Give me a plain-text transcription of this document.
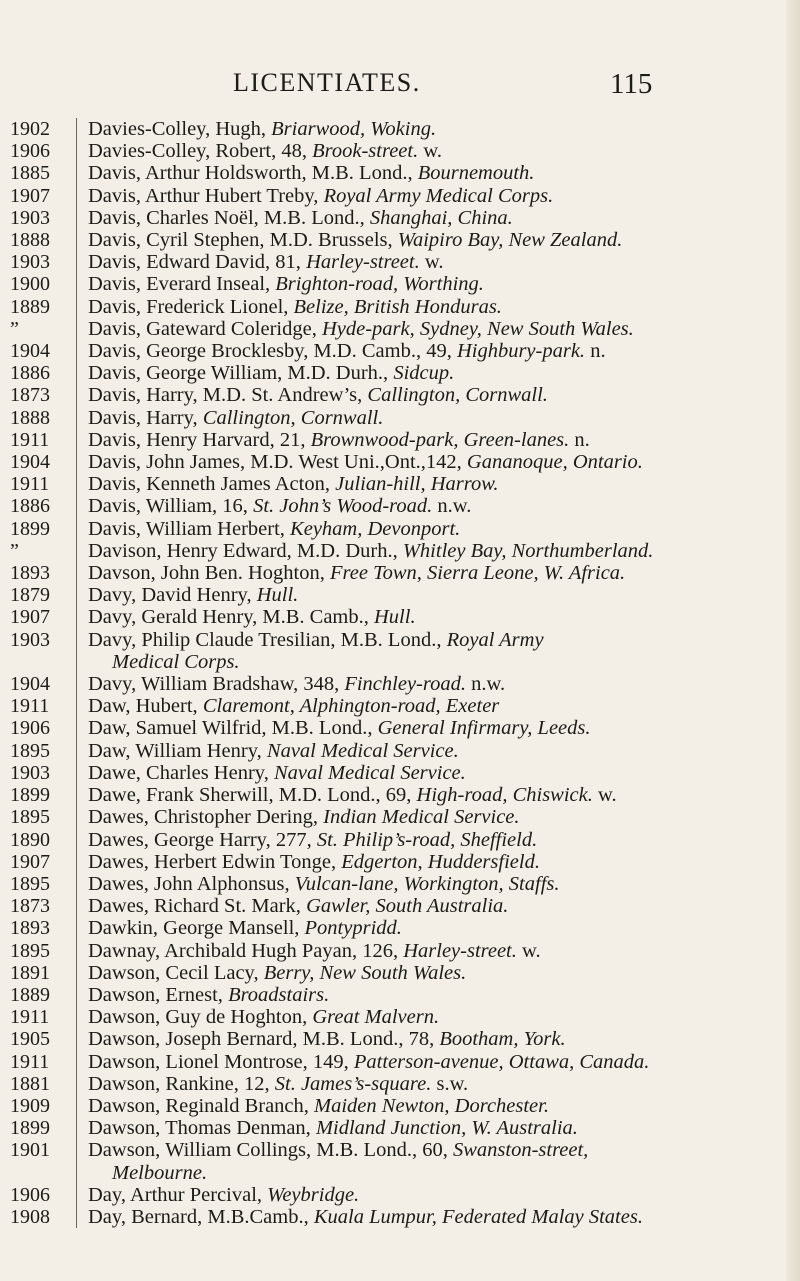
LICENTIATES.	115
1902	Davies-Colley, Hugh, Briarwood, Woking.
1906	Davies-Colley, Robert, 48, Brook-street. w.
1885	Davis, Arthur Holdsworth, M.B. Lond., Bournemouth.
1907	Davis, Arthur Hubert Treby, Royal Army Medical Corps.
1903	Davis, Charles Noël, M.B. Lond., Shanghai, China.
1888	Davis, Cyril Stephen, M.D. Brussels, Waipiro Bay, New Zealand.
1903	Davis, Edward David, 81, Harley-street. w.
1900	Davis, Everard Inseal, Brighton-road, Worthing.
1889	Davis, Frederick Lionel, Belize, British Honduras.
”	Davis, Gateward Coleridge, Hyde-park, Sydney, New South Wales.
1904	Davis, George Brocklesby, M.D. Camb., 49, Highbury-park. n.
1886	Davis, George William, M.D. Durh., Sidcup.
1873	Davis, Harry, M.D. St. Andrew’s, Callington, Cornwall.
1888	Davis, Harry, Callington, Cornwall.
1911	Davis, Henry Harvard, 21, Brownwood-park, Green-lanes. n.
1904	Davis, John James, M.D. West Uni.,Ont.,142, Gananoque, Ontario.
1911	Davis, Kenneth James Acton, Julian-hill, Harrow.
1886	Davis, William, 16, St. John’s Wood-road. n.w.
1899	Davis, William Herbert, Keyham, Devonport.
”	Davison, Henry Edward, M.D. Durh., Whitley Bay, Northumberland.
1893	Davson, John Ben. Hoghton, Free Town, Sierra Leone, W. Africa.
1879	Davy, David Henry, Hull.
1907	Davy, Gerald Henry, M.B. Camb., Hull.
1903	Davy, Philip Claude Tresilian, M.B. Lond., Royal Army
Medical Corps.
1904	Davy, William Bradshaw, 348, Finchley-road. n.w.
1911	Daw, Hubert, Claremont, Alphington-road, Exeter
1906	Daw, Samuel Wilfrid, M.B. Lond., General Infirmary, Leeds.
1895	Daw, William Henry, Naval Medical Service.
1903	Dawe, Charles Henry, Naval Medical Service.
1899	Dawe, Frank Sherwill, M.D. Lond., 69, High-road, Chiswick. w.
1895	Dawes, Christopher Dering, Indian Medical Service.
1890	Dawes, George Harry, 277, St. Philip’s-road, Sheffield.
1907	Dawes, Herbert Edwin Tonge, Edgerton, Huddersfield.
1895	Dawes, John Alphonsus, Vulcan-lane, Workington, Staffs.
1873	Dawes, Richard St. Mark, Gawler, South Australia.
1893	Dawkin, George Mansell, Pontypridd.
1895	Dawnay, Archibald Hugh Payan, 126, Harley-street. w.
1891	Dawson, Cecil Lacy, Berry, New South Wales.
1889	Dawson, Ernest, Broadstairs.
1911	Dawson, Guy de Hoghton, Great Malvern.
1905	Dawson, Joseph Bernard, M.B. Lond., 78, Bootham, York.
1911	Dawson, Lionel Montrose, 149, Patterson-avenue, Ottawa, Canada.
1881	Dawson, Rankine, 12, St. James’s-square. s.w.
1909	Dawson, Reginald Branch, Maiden Newton, Dorchester.
1899	Dawson, Thomas Denman, Midland Junction, W. Australia.
1901	Dawson, William Collings, M.B. Lond., 60, Swanston-street,
Melbourne.
1906	Day, Arthur Percival, Weybridge.
1908	Day, Bernard, M.B.Camb., Kuala Lumpur, Federated Malay States.
